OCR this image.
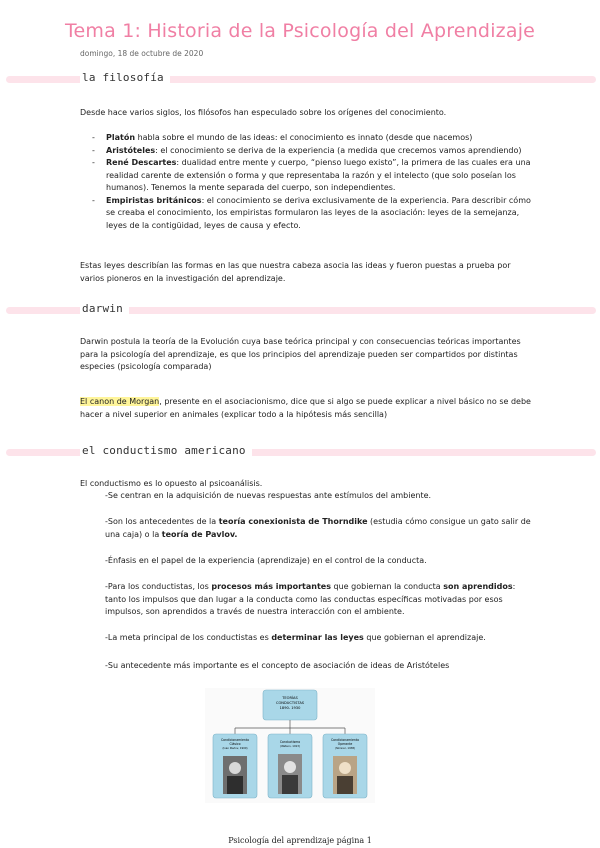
Tema 1: Historia de la Psicología del Aprendizaje
domingo, 18 de octubre de 2020
la filosofía
Desde hace varios siglos, los filósofos han especulado sobre los orígenes del conocimiento.
- Platón habla sobre el mundo de las ideas: el conocimiento es innato (desde que nacemos)
- Aristóteles: el conocimiento se deriva de la experiencia (a medida que crecemos vamos aprendiendo)
- René Descartes: dualidad entre mente y cuerpo, “pienso luego existo”, la primera de las cuales era una realidad carente de extensión o forma y que representaba la razón y el intelecto (que solo poseían los humanos). Tenemos la mente separada del cuerpo, son independientes.
- Empiristas británicos: el conocimiento se deriva exclusivamente de la experiencia. Para describir cómo se creaba el conocimiento, los empiristas formularon las leyes de la asociación: leyes de la semejanza, leyes de la contigüidad, leyes de causa y efecto.
Estas leyes describían las formas en las que nuestra cabeza asocia las ideas y fueron puestas a prueba por varios pioneros en la investigación del aprendizaje.
darwin
Darwin postula la teoría de la Evolución cuya base teórica principal y con consecuencias teóricas importantes para la psicología del aprendizaje, es que los principios del aprendizaje pueden ser compartidos por distintas especies (psicología comparada)
El canon de Morgan, presente en el asociacionismo, dice que si algo se puede explicar a nivel básico no se debe hacer a nivel superior en animales (explicar todo a la hipótesis más sencilla)
el conductismo americano
El conductismo es lo opuesto al psicoanálisis.
-Se centran en la adquisición de nuevas respuestas ante estímulos del ambiente.
-Son los antecedentes de la teoría conexionista de Thorndike (estudia cómo consigue un gato salir de una caja) o la teoría de Pavlov.
-Énfasis en el papel de la experiencia (aprendizaje) en el control de la conducta.
-Para los conductistas, los procesos más importantes que gobiernan la conducta son aprendidos: tanto los impulsos que dan lugar a la conducta como las conductas específicas motivadas por esos impulsos, son aprendidos a través de nuestra interacción con el ambiente.
-La meta principal de los conductistas es determinar las leyes que gobiernan el aprendizaje.
-Su antecedente más importante es el concepto de asociación de ideas de Aristóteles
TEORÍAS
CONDUCTISTAS
1890- 1930
Condicionamiento
Clásico
(Ivan Pavlov, 1900)
Conductismo
(Watson, 1913)
Condicionamiento
Operante
(Skinner, 1938)
Psicología del aprendizaje página 1
